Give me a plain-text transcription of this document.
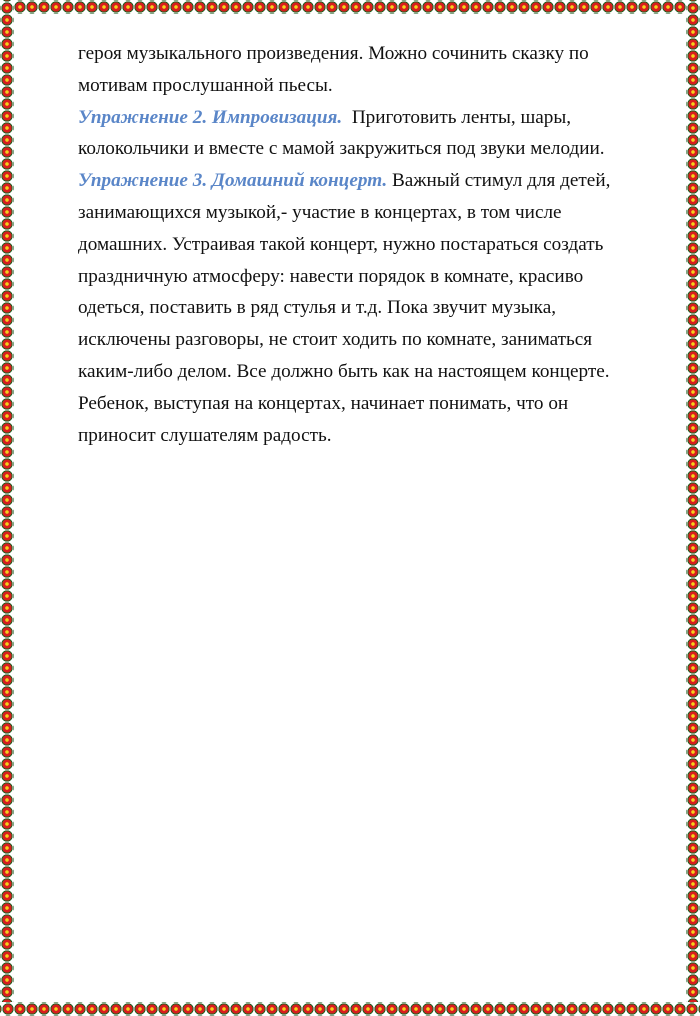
героя музыкального произведения. Можно сочинить сказку по

мотивам прослушанной пьесы.

Упражнение 2. Импровизация.  Приготовить ленты, шары,

колокольчики и вместе с мамой закружиться под звуки мелодии.

Упражнение 3. Домашний концерт. Важный стимул для детей,

занимающихся музыкой,- участие в концертах, в том числе

домашних. Устраивая такой концерт, нужно постараться создать

праздничную атмосферу: навести порядок в комнате, красиво

одеться, поставить в ряд стулья и т.д. Пока звучит музыка,

исключены разговоры, не стоит ходить по комнате, заниматься

каким-либо делом. Все должно быть как на настоящем концерте.

Ребенок, выступая на концертах, начинает понимать, что он

приносит слушателям радость.
